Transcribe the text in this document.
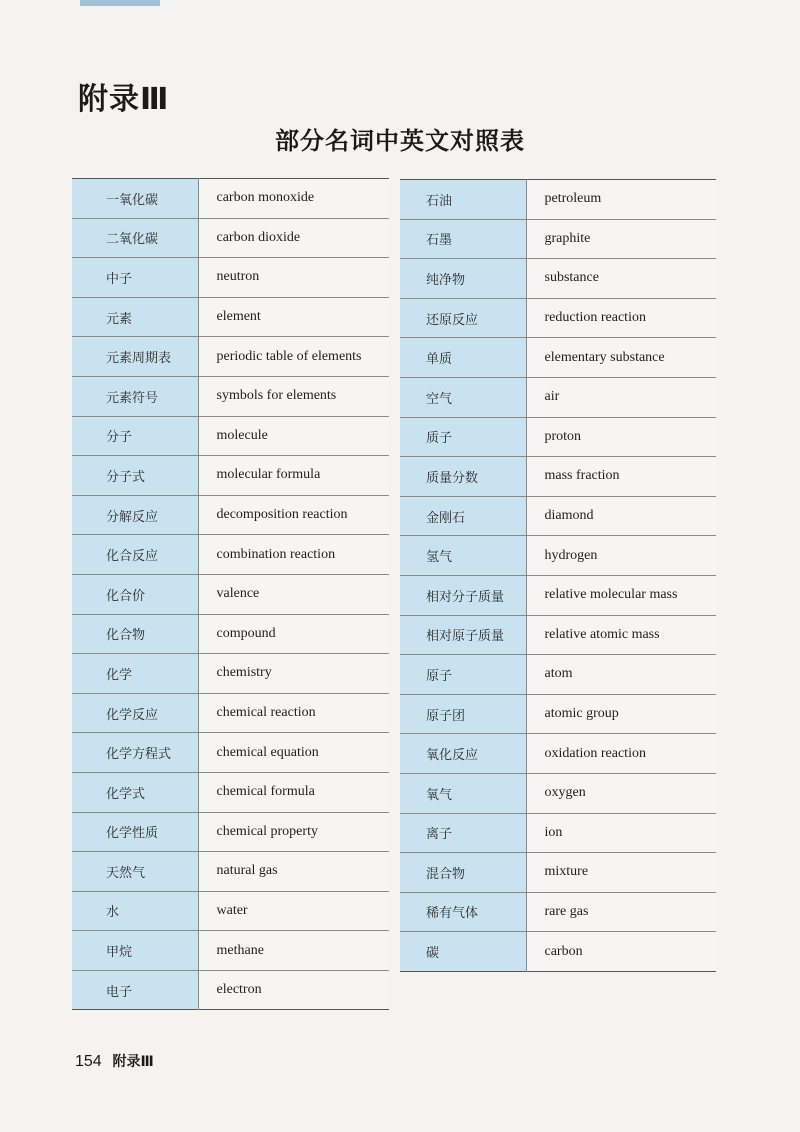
附录Ⅲ
部分名词中英文对照表
一氧化碳	carbon monoxide
二氧化碳	carbon dioxide
中子	neutron
元素	element
元素周期表	periodic table of elements
元素符号	symbols for elements
分子	molecule
分子式	molecular formula
分解反应	decomposition reaction
化合反应	combination reaction
化合价	valence
化合物	compound
化学	chemistry
化学反应	chemical reaction
化学方程式	chemical equation
化学式	chemical formula
化学性质	chemical property
天然气	natural gas
水	water
甲烷	methane
电子	electron
石油	petroleum
石墨	graphite
纯净物	substance
还原反应	reduction reaction
单质	elementary substance
空气	air
质子	proton
质量分数	mass fraction
金刚石	diamond
氢气	hydrogen
相对分子质量	relative molecular mass
相对原子质量	relative atomic mass
原子	atom
原子团	atomic group
氧化反应	oxidation reaction
氧气	oxygen
离子	ion
混合物	mixture
稀有气体	rare gas
碳	carbon
154 附录Ⅲ
